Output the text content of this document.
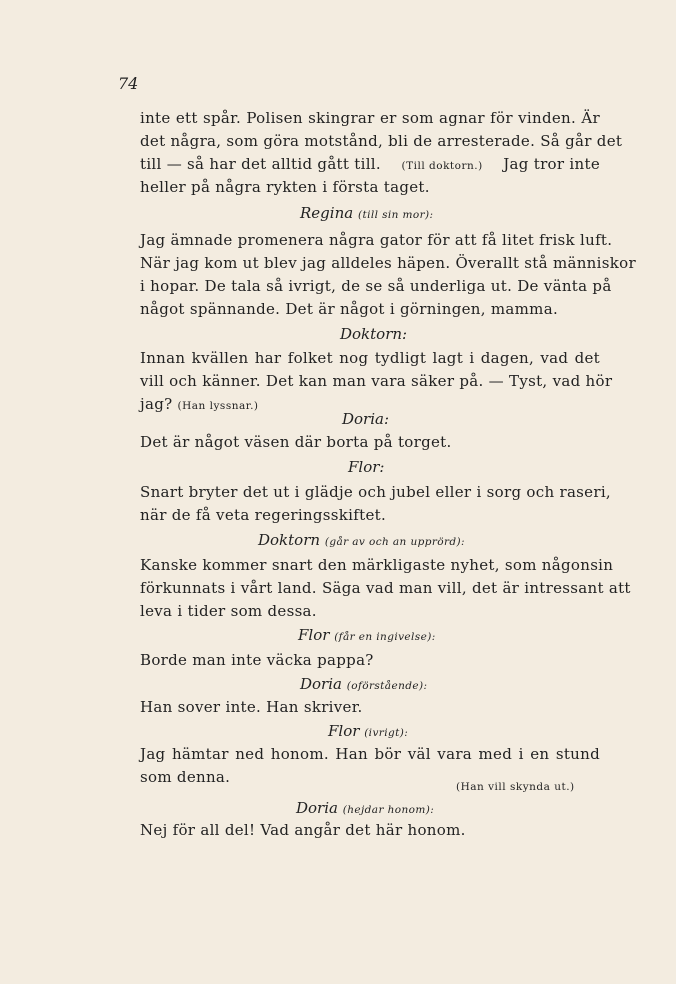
74
inte ett spår. Polisen skingrar er som agnar för vinden. Är
det några, som göra motstånd, bli de arresterade. Så går det
till — så har det alltid gått till. (Till doktorn.) Jag tror inte
heller på några rykten i första taget.
Regina (till sin mor):
Jag ämnade promenera några gator för att få litet frisk luft.
När jag kom ut blev jag alldeles häpen. Överallt stå människor
i hopar. De tala så ivrigt, de se så underliga ut. De vänta på
något spännande. Det är något i görningen, mamma.
Doktorn:
Innan kvällen har folket nog tydligt lagt i dagen, vad det
vill och känner. Det kan man vara säker på. — Tyst, vad hör
jag? (Han lyssnar.)
Doria:
Det är något väsen där borta på torget.
Flor:
Snart bryter det ut i glädje och jubel eller i sorg och raseri,
när de få veta regeringsskiftet.
Doktorn (går av och an upprörd):
Kanske kommer snart den märkligaste nyhet, som någonsin
förkunnats i vårt land. Säga vad man vill, det är intressant att
leva i tider som dessa.
Flor (får en ingivelse):
Borde man inte väcka pappa?
Doria (oförstående):
Han sover inte. Han skriver.
Flor (ivrigt):
Jag hämtar ned honom. Han bör väl vara med i en stund
som denna.
(Han vill skynda ut.)
Doria (hejdar honom):
Nej för all del! Vad angår det här honom.
